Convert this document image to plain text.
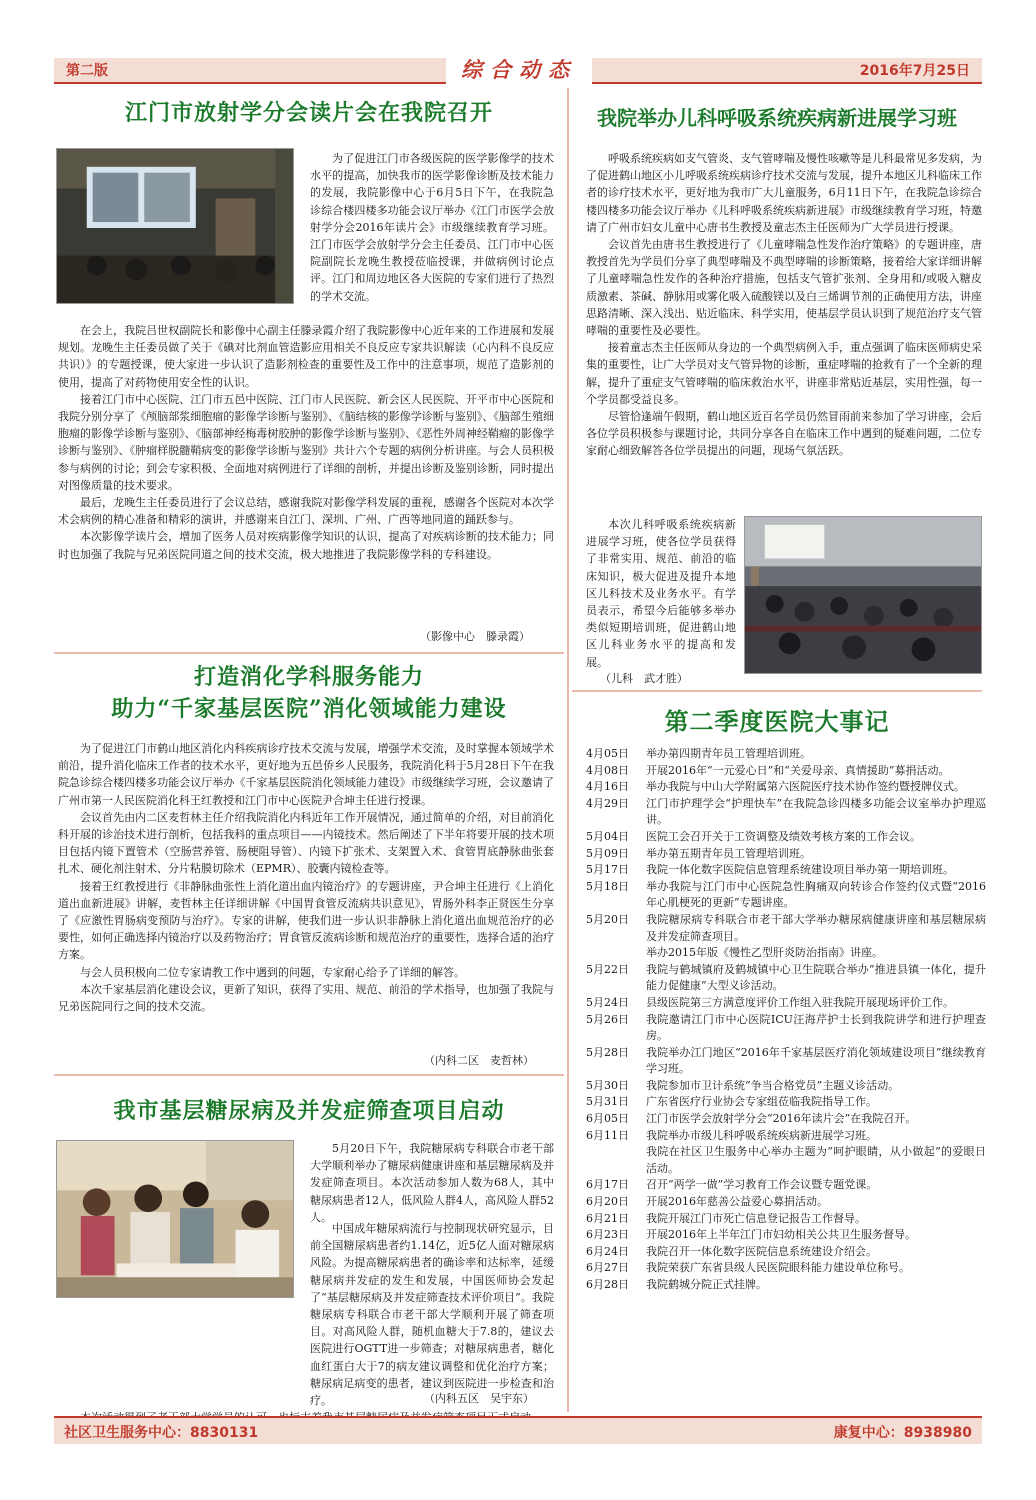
第二版	综合动态	2016年7月25日
江门市放射学分会读片会在我院召开

为了促进江门市各级医院的医学影像学的技术水平的提高，加快我市的医学影像诊断及技术能力的发展，我院影像中心于6月5日下午，在我院急诊综合楼四楼多功能会议厅举办《江门市医学会放射学分会2016年读片会》市级继续教育学习班。江门市医学会放射学分会主任委员、江门市中心医院副院长龙晚生教授莅临授课，并做病例讨论点评。江门和周边地区各大医院的专家们进行了热烈的学术交流。

在会上，我院吕世权副院长和影像中心副主任滕录霞介绍了我院影像中心近年来的工作进展和发展规划。龙晚生主任委员做了关于《碘对比剂血管造影应用相关不良反应专家共识解读（心内科不良反应共识）》的专题授课，使大家进一步认识了造影剂检查的重要性及工作中的注意事项，规范了造影剂的使用，提高了对药物使用安全性的认识。

接着江门市中心医院、江门市五邑中医院、江门市人民医院、新会区人民医院、开平市中心医院和我院分别分享了《颅脑部浆细胞瘤的影像学诊断与鉴别》、《脑结核的影像学诊断与鉴别》、《脑部生殖细胞瘤的影像学诊断与鉴别》、《脑部神经梅毒树胶肿的影像学诊断与鉴别》、《恶性外周神经鞘瘤的影像学诊断与鉴别》、《肿瘤样脱髓鞘病变的影像学诊断与鉴别》共计六个专题的病例分析讲座。与会人员积极参与病例的讨论；到会专家积极、全面地对病例进行了详细的剖析，并提出诊断及鉴别诊断，同时提出对图像质量的技术要求。

最后，龙晚生主任委员进行了会议总结，感谢我院对影像学科发展的重视，感谢各个医院对本次学术会病例的精心准备和精彩的演讲，并感谢来自江门、深圳、广州、广西等地同道的踊跃参与。

本次影像学读片会，增加了医务人员对疾病影像学知识的认识，提高了对疾病诊断的技术能力；同时也加强了我院与兄弟医院同道之间的技术交流，极大地推进了我院影像学科的专科建设。

（影像中心　滕录霞）
打造消化学科服务能力
助力“千家基层医院”消化领域能力建设

为了促进江门市鹤山地区消化内科疾病诊疗技术交流与发展，增强学术交流，及时掌握本领域学术前沿，提升消化临床工作者的技术水平，更好地为五邑侨乡人民服务，我院消化科于5月28日下午在我院急诊综合楼四楼多功能会议厅举办《千家基层医院消化领域能力建设》市级继续学习班，会议邀请了广州市第一人民医院消化科王红教授和江门市中心医院尹合坤主任进行授课。

会议首先由内二区麦哲林主任介绍我院消化内科近年工作开展情况，通过简单的介绍，对目前消化科开展的诊治技术进行剖析，包括我科的重点项目——内镜技术。然后阐述了下半年将要开展的技术项目包括内镜下置管术（空肠营养管、肠梗阻导管）、内镜下扩张术、支架置入术、食管胃底静脉曲张套扎术、硬化剂注射术、分片粘膜切除术（EPMR）、胶囊内镜检查等。

接着王红教授进行《非静脉曲张性上消化道出血内镜治疗》的专题讲座，尹合坤主任进行《上消化道出血新进展》讲解，麦哲林主任详细讲解《中国胃食管反流病共识意见》，胃肠外科李正贤医生分享了《应激性胃肠病变预防与治疗》。专家的讲解，使我们进一步认识非静脉上消化道出血规范治疗的必要性，如何正确选择内镜治疗以及药物治疗；胃食管反流病诊断和规范治疗的重要性，选择合适的治疗方案。

与会人员积极向二位专家请教工作中遇到的问题，专家耐心给予了详细的解答。

本次千家基层消化建设会议，更新了知识，获得了实用、规范、前沿的学术指导，也加强了我院与兄弟医院同行之间的技术交流。

（内科二区　麦哲林）
我市基层糖尿病及并发症筛查项目启动

5月20日下午，我院糖尿病专科联合市老干部大学顺利举办了糖尿病健康讲座和基层糖尿病及并发症筛查项目。本次活动参加人数为68人，其中糖尿病患者12人，低风险人群4人，高风险人群52人。

中国成年糖尿病流行与控制现状研究显示，目前全国糖尿病患者约1.14亿，近5亿人面对糖尿病风险。为提高糖尿病患者的确诊率和达标率，延缓糖尿病并发症的发生和发展，中国医师协会发起了“基层糖尿病及并发症筛查技术评价项目”。我院糖尿病专科联合市老干部大学顺利开展了筛查项目。对高风险人群，随机血糖大于7.8的，建议去医院进行OGTT进一步筛查；对糖尿病患者，糖化血红蛋白大于7的病友建议调整和优化治疗方案；糖尿病足病变的患者，建议到医院进一步检查和治疗。	（内科五区　吴宇东）
我院举办儿科呼吸系统疾病新进展学习班

呼吸系统疾病如支气管炎、支气管哮喘及慢性咳嗽等是儿科最常见多发病，为了促进鹤山地区小儿呼吸系统疾病诊疗技术交流与发展，提升本地区儿科临床工作者的诊疗技术水平，更好地为我市广大儿童服务，6月11日下午，在我院急诊综合楼四楼多功能会议厅举办《儿科呼吸系统疾病新进展》市级继续教育学习班，特邀请了广州市妇女儿童中心唐书生教授及童志杰主任医师为广大学员进行授课。

会议首先由唐书生教授进行了《儿童哮喘急性发作治疗策略》的专题讲座，唐教授首先为学员们分享了典型哮喘及不典型哮喘的诊断策略，接着给大家详细讲解了儿童哮喘急性发作的各种治疗措施，包括支气管扩张剂、全身用和/或吸入糖皮质激素、茶碱、静脉用或雾化吸入硫酸镁以及白三烯调节剂的正确使用方法，讲座思路清晰、深入浅出、贴近临床、科学实用，使基层学员认识到了规范治疗支气管哮喘的重要性及必要性。

接着童志杰主任医师从身边的一个典型病例入手，重点强调了临床医师病史采集的重要性，让广大学员对支气管异物的诊断，重症哮喘的抢救有了一个全新的理解，提升了重症支气管哮喘的临床救治水平，讲座非常贴近基层，实用性强，每一个学员都受益良多。

尽管恰逢端午假期，鹤山地区近百名学员仍然冒雨前来参加了学习讲座，会后各位学员积极参与课题讨论，共同分享各自在临床工作中遇到的疑难问题，二位专家耐心细致解答各位学员提出的问题，现场气氛活跃。

本次儿科呼吸系统疾病新进展学习班，使各位学员获得了非常实用、规范、前沿的临床知识，极大促进及提升本地区儿科技术及业务水平。有学员表示，希望今后能够多举办类似短期培训班，促进鹤山地区儿科业务水平的提高和发展。

（儿科　武才胜）
第二季度医院大事记
4月05日	举办第四期青年员工管理培训班。
4月08日	开展2016年“一元爱心日”和“关爱母亲、真情援助”募捐活动。
4月16日	举办我院与中山大学附属第六医院医疗技术协作签约暨授牌仪式。
4月29日	江门市护理学会“护理快车”在我院急诊四楼多功能会议室举办护理巡讲。
5月04日	医院工会召开关于工资调整及绩效考核方案的工作会议。
5月09日	举办第五期青年员工管理培训班。
5月17日	我院一体化数字医院信息管理系统建设项目举办第一期培训班。
5月18日	举办我院与江门市中心医院急性胸痛双向转诊合作签约仪式暨“2016年心肌梗死的更新”专题讲座。
5月20日	我院糖尿病专科联合市老干部大学举办糖尿病健康讲座和基层糖尿病及并发症筛查项目。
举办2015年版《慢性乙型肝炎防治指南》讲座。
5月22日	我院与鹤城镇府及鹤城镇中心卫生院联合举办“推进县镇一体化，提升能力促健康”大型义诊活动。
5月24日	县级医院第三方满意度评价工作组入驻我院开展现场评价工作。
5月26日	我院邀请江门市中心医院ICU汪海芹护士长到我院讲学和进行护理查房。
5月28日	我院举办江门地区“2016年千家基层医疗消化领域建设项目”继续教育学习班。
5月30日	我院参加市卫计系统“争当合格党员”主题义诊活动。
5月31日	广东省医疗行业协会专家组莅临我院指导工作。
6月05日	江门市医学会放射学分会“2016年读片会”在我院召开。
6月11日	我院举办市级儿科呼吸系统疾病新进展学习班。
我院在社区卫生服务中心举办主题为“呵护眼睛，从小做起”的爱眼日活动。
6月17日	召开“两学一做”学习教育工作会议暨专题党课。
6月20日	开展2016年慈善公益爱心募捐活动。
6月21日	我院开展江门市死亡信息登记报告工作督导。
6月23日	开展2016年上半年江门市妇幼相关公共卫生服务督导。
6月24日	我院召开一体化数字医院信息系统建设介绍会。
6月27日	我院荣获广东省县级人民医院眼科能力建设单位称号。
6月28日	我院鹤城分院正式挂牌。
社区卫生服务中心：8830131	康复中心：8938980
